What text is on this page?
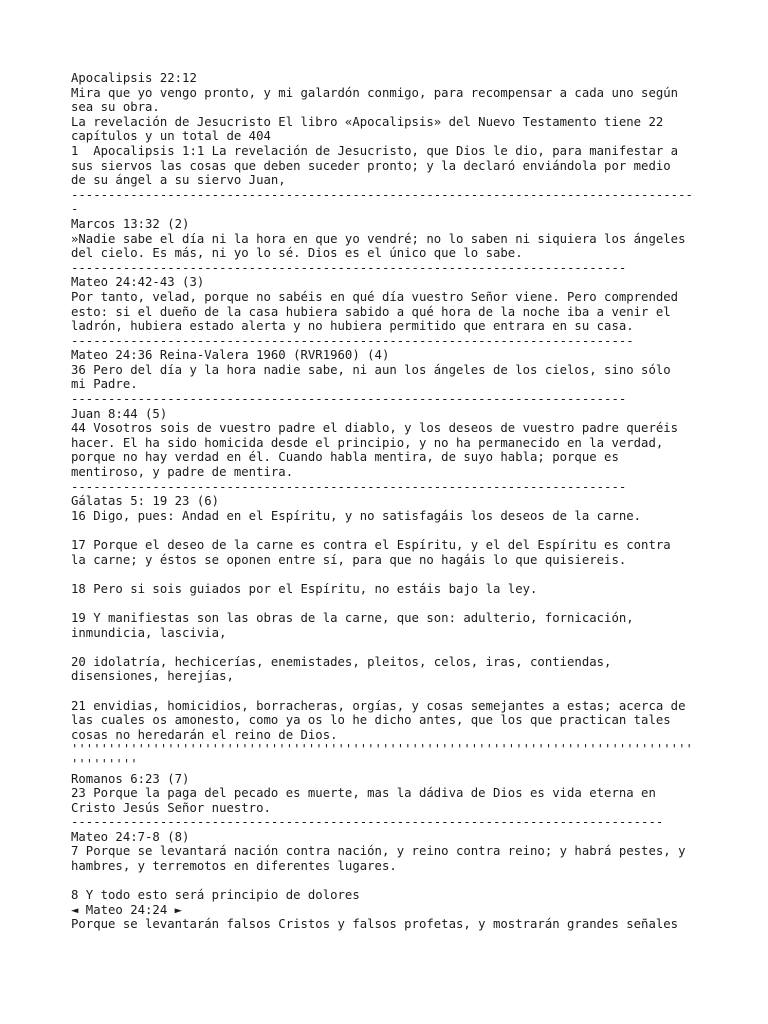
Apocalipsis 22:12
Mira que yo vengo pronto, y mi galardón conmigo, para recompensar a cada uno según
sea su obra.
La revelación de Jesucristo El libro «Apocalipsis» del Nuevo Testamento tiene 22
capítulos y un total de 404
1  Apocalipsis 1:1 La revelación de Jesucristo, que Dios le dio, para manifestar a
sus siervos las cosas que deben suceder pronto; y la declaró enviándola por medio
de su ángel a su siervo Juan,
------------------------------------------------------------------------------------
-
Marcos 13:32 (2)
»Nadie sabe el día ni la hora en que yo vendré; no lo saben ni siquiera los ángeles
del cielo. Es más, ni yo lo sé. Dios es el único que lo sabe.
---------------------------------------------------------------------------
Mateo 24:42-43 (3)
Por tanto, velad, porque no sabéis en qué día vuestro Señor viene. Pero comprended
esto: si el dueño de la casa hubiera sabido a qué hora de la noche iba a venir el
ladrón, hubiera estado alerta y no hubiera permitido que entrara en su casa.
----------------------------------------------------------------------------
Mateo 24:36 Reina-Valera 1960 (RVR1960) (4)
36 Pero del día y la hora nadie sabe, ni aun los ángeles de los cielos, sino sólo
mi Padre.
---------------------------------------------------------------------------
Juan 8:44 (5)
44 Vosotros sois de vuestro padre el diablo, y los deseos de vuestro padre queréis
hacer. El ha sido homicida desde el principio, y no ha permanecido en la verdad,
porque no hay verdad en él. Cuando habla mentira, de suyo habla; porque es
mentiroso, y padre de mentira.
---------------------------------------------------------------------------
Gálatas 5: 19 23 (6)
16 Digo, pues: Andad en el Espíritu, y no satisfagáis los deseos de la carne.
17 Porque el deseo de la carne es contra el Espíritu, y el del Espíritu es contra
la carne; y éstos se oponen entre sí, para que no hagáis lo que quisiereis.
18 Pero si sois guiados por el Espíritu, no estáis bajo la ley.
19 Y manifiestas son las obras de la carne, que son: adulterio, fornicación,
inmundicia, lascivia,
20 idolatría, hechicerías, enemistades, pleitos, celos, iras, contiendas,
disensiones, herejías,
21 envidias, homicidios, borracheras, orgías, y cosas semejantes a estas; acerca de
las cuales os amonesto, como ya os lo he dicho antes, que los que practican tales
cosas no heredarán el reino de Dios.
''''''''''''''''''''''''''''''''''''''''''''''''''''''''''''''''''''''''''''''''''''
'''''''''
Romanos 6:23 (7)
23 Porque la paga del pecado es muerte, mas la dádiva de Dios es vida eterna en
Cristo Jesús Señor nuestro.
--------------------------------------------------------------------------------
Mateo 24:7-8 (8)
7 Porque se levantará nación contra nación, y reino contra reino; y habrá pestes, y
hambres, y terremotos en diferentes lugares.
8 Y todo esto será principio de dolores
◄ Mateo 24:24 ►
Porque se levantarán falsos Cristos y falsos profetas, y mostrarán grandes señales
